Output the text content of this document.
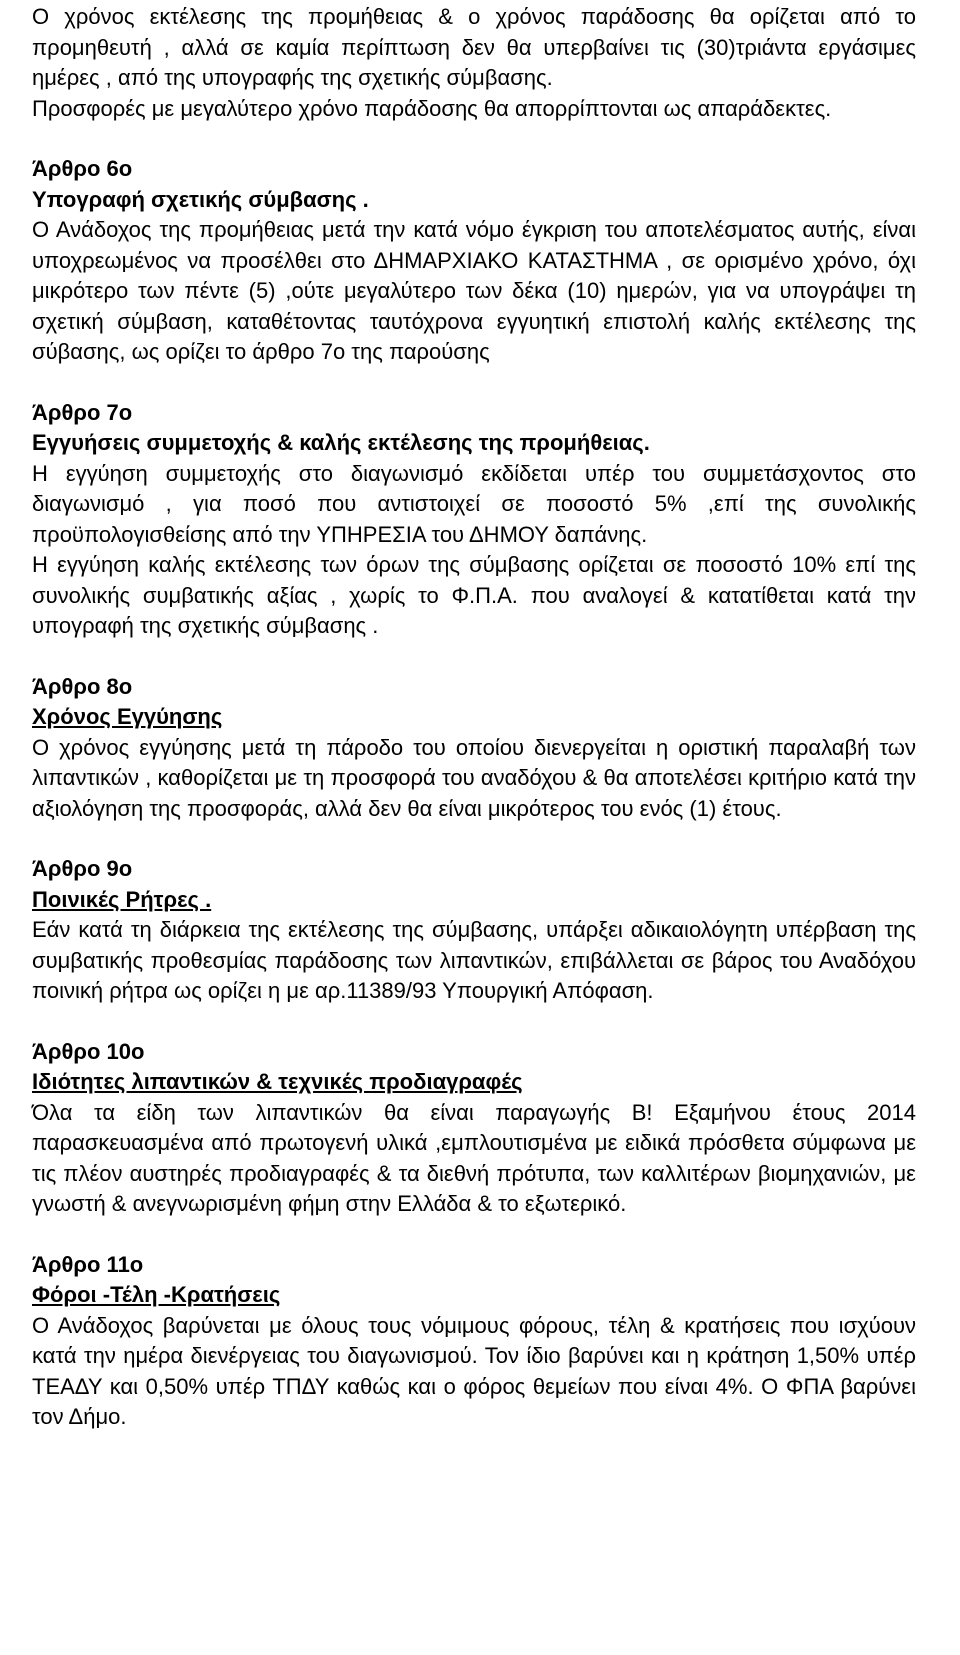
Ο χρόνος εκτέλεσης της προμήθειας & ο χρόνος παράδοσης θα ορίζεται από το προμηθευτή , αλλά σε καμία περίπτωση δεν θα υπερβαίνει τις (30)τριάντα εργάσιμες ημέρες , από της υπογραφής της σχετικής σύμβασης.

Προσφορές με μεγαλύτερο χρόνο παράδοσης θα απορρίπτονται ως απαράδεκτες.

Άρθρο 6ο

Υπογραφή σχετικής σύμβασης .

Ο Ανάδοχος της προμήθειας μετά την κατά νόμο έγκριση του αποτελέσματος αυτής, είναι υποχρεωμένος να προσέλθει στο ΔΗΜΑΡΧΙΑΚΟ ΚΑΤΑΣΤΗΜΑ , σε ορισμένο χρόνο, όχι μικρότερο των πέντε (5) ,ούτε μεγαλύτερο των δέκα (10) ημερών, για να υπογράψει τη σχετική σύμβαση, καταθέτοντας ταυτόχρονα εγγυητική επιστολή καλής εκτέλεσης της σύβασης, ως ορίζει το άρθρο 7ο της παρούσης

Άρθρο 7ο

Εγγυήσεις συμμετοχής & καλής εκτέλεσης της προμήθειας.

Η εγγύηση συμμετοχής στο διαγωνισμό εκδίδεται υπέρ του συμμετάσχοντος στο διαγωνισμό , για ποσό που αντιστοιχεί σε ποσοστό 5% ,επί της συνολικής προϋπολογισθείσης από την ΥΠΗΡΕΣΙΑ του ΔΗΜΟΥ δαπάνης.

Η εγγύηση καλής εκτέλεσης των όρων της σύμβασης ορίζεται σε ποσοστό 10% επί της συνολικής συμβατικής αξίας , χωρίς το Φ.Π.Α. που αναλογεί & κατατίθεται κατά την υπογραφή της σχετικής σύμβασης .

Άρθρο 8ο

Χρόνος Εγγύησης

Ο χρόνος εγγύησης μετά τη πάροδο του οποίου διενεργείται η οριστική παραλαβή των λιπαντικών , καθορίζεται με τη προσφορά του αναδόχου & θα αποτελέσει κριτήριο κατά την αξιολόγηση της προσφοράς, αλλά δεν θα είναι μικρότερος του ενός (1) έτους.

Άρθρο 9ο

Ποινικές Ρήτρες .

Εάν κατά τη διάρκεια της εκτέλεσης της σύμβασης, υπάρξει αδικαιολόγητη υπέρβαση της συμβατικής προθεσμίας παράδοσης των λιπαντικών, επιβάλλεται σε βάρος του Αναδόχου ποινική ρήτρα ως ορίζει η με αρ.11389/93 Υπουργική Απόφαση.

Άρθρο 10ο

Ιδιότητες λιπαντικών & τεχνικές προδιαγραφές

Όλα τα είδη των λιπαντικών θα είναι παραγωγής Β! Εξαμήνου έτους 2014 παρασκευασμένα από πρωτογενή υλικά ,εμπλουτισμένα με ειδικά πρόσθετα σύμφωνα με τις πλέον αυστηρές προδιαγραφές & τα διεθνή πρότυπα, των καλλιτέρων βιομηχανιών, με γνωστή & ανεγνωρισμένη φήμη στην Ελλάδα & το εξωτερικό.

Άρθρο 11ο

Φόροι -Τέλη -Κρατήσεις

Ο Ανάδοχος βαρύνεται με όλους τους νόμιμους φόρους, τέλη & κρατήσεις που ισχύουν κατά την ημέρα διενέργειας του διαγωνισμού. Τον ίδιο βαρύνει και η κράτηση 1,50% υπέρ ΤΕΑΔΥ και 0,50% υπέρ ΤΠΔΥ καθώς και ο φόρος θεμείων που είναι 4%. Ο ΦΠΑ βαρύνει τον Δήμο.
